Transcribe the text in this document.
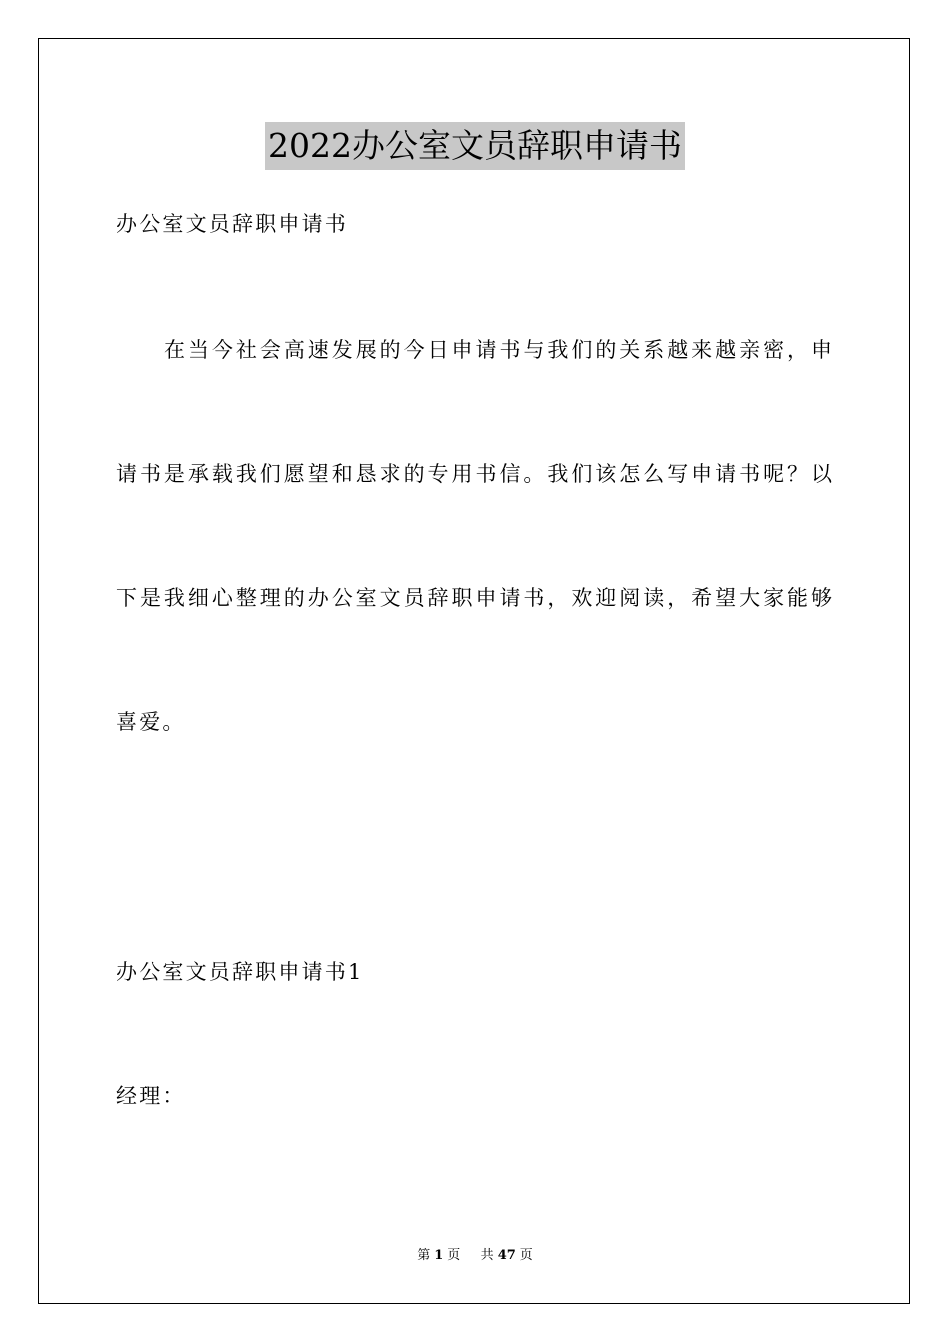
2022办公室文员辞职申请书
办公室文员辞职申请书
在当今社会高速发展的今日申请书与我们的关系越来越亲密，申
请书是承载我们愿望和恳求的专用书信。我们该怎么写申请书呢？以
下是我细心整理的办公室文员辞职申请书，欢迎阅读，希望大家能够
喜爱。
办公室文员辞职申请书1
经理：
第 1 页 共 47 页
